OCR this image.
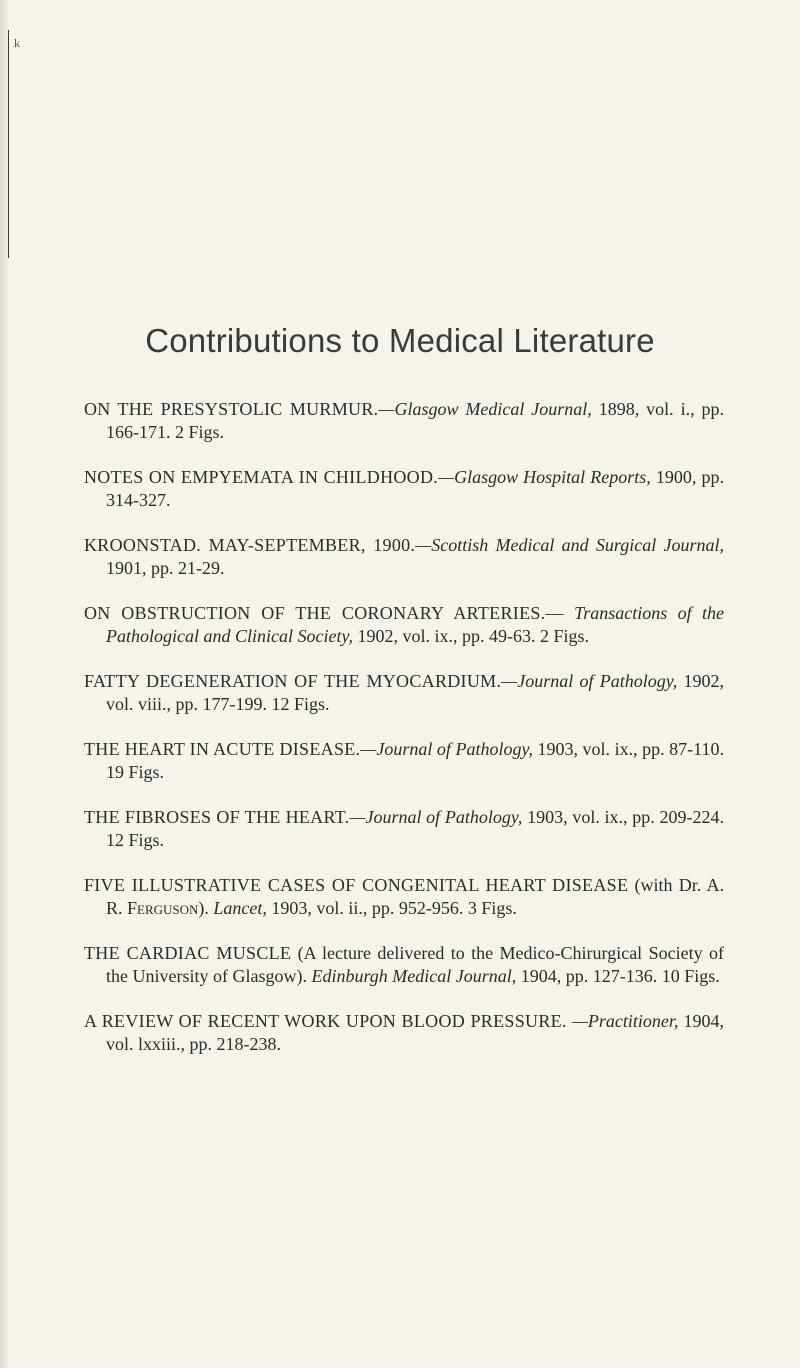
k
Contributions to Medical Literature
ON THE PRESYSTOLIC MURMUR.—Glasgow Medical Journal, 1898, vol. i., pp. 166-171. 2 Figs.
NOTES ON EMPYEMATA IN CHILDHOOD.—Glasgow Hospital Reports, 1900, pp. 314-327.
KROONSTAD. MAY-SEPTEMBER, 1900.—Scottish Medical and Surgical Journal, 1901, pp. 21-29.
ON OBSTRUCTION OF THE CORONARY ARTERIES.— Transactions of the Pathological and Clinical Society, 1902, vol. ix., pp. 49-63. 2 Figs.
FATTY DEGENERATION OF THE MYOCARDIUM.—Journal of Pathology, 1902, vol. viii., pp. 177-199. 12 Figs.
THE HEART IN ACUTE DISEASE.—Journal of Pathology, 1903, vol. ix., pp. 87-110. 19 Figs.
THE FIBROSES OF THE HEART.—Journal of Pathology, 1903, vol. ix., pp. 209-224. 12 Figs.
FIVE ILLUSTRATIVE CASES OF CONGENITAL HEART DISEASE (with Dr. A. R. Ferguson). Lancet, 1903, vol. ii., pp. 952-956. 3 Figs.
THE CARDIAC MUSCLE (A lecture delivered to the Medico-Chirurgical Society of the University of Glasgow). Edinburgh Medical Journal, 1904, pp. 127-136. 10 Figs.
A REVIEW OF RECENT WORK UPON BLOOD PRESSURE. —Practitioner, 1904, vol. lxxiii., pp. 218-238.
